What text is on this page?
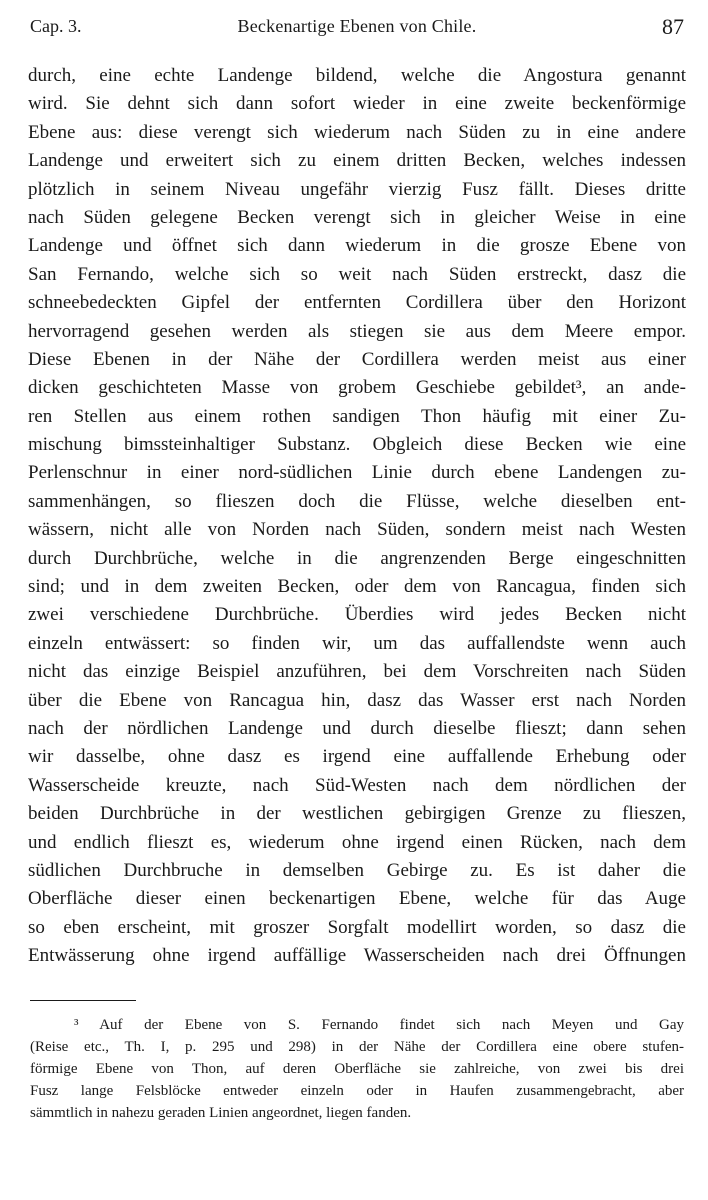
Cap. 3.	Beckenartige Ebenen von Chile.	87
durch, eine echte Landenge bildend, welche die Angostura genannt
wird. Sie dehnt sich dann sofort wieder in eine zweite beckenförmige
Ebene aus: diese verengt sich wiederum nach Süden zu in eine andere
Landenge und erweitert sich zu einem dritten Becken, welches indessen
plötzlich in seinem Niveau ungefähr vierzig Fusz fällt. Dieses dritte
nach Süden gelegene Becken verengt sich in gleicher Weise in eine
Landenge und öffnet sich dann wiederum in die grosze Ebene von
San Fernando, welche sich so weit nach Süden erstreckt, dasz die
schneebedeckten Gipfel der entfernten Cordillera über den Horizont
hervorragend gesehen werden als stiegen sie aus dem Meere empor.
Diese Ebenen in der Nähe der Cordillera werden meist aus einer
dicken geschichteten Masse von grobem Geschiebe gebildet³, an ande-
ren Stellen aus einem rothen sandigen Thon häufig mit einer Zu-
mischung bimssteinhaltiger Substanz. Obgleich diese Becken wie eine
Perlenschnur in einer nord-südlichen Linie durch ebene Landengen zu-
sammenhängen, so flieszen doch die Flüsse, welche dieselben ent-
wässern, nicht alle von Norden nach Süden, sondern meist nach Westen
durch Durchbrüche, welche in die angrenzenden Berge eingeschnitten
sind; und in dem zweiten Becken, oder dem von Rancagua, finden sich
zwei verschiedene Durchbrüche. Überdies wird jedes Becken nicht
einzeln entwässert: so finden wir, um das auffallendste wenn auch
nicht das einzige Beispiel anzuführen, bei dem Vorschreiten nach Süden
über die Ebene von Rancagua hin, dasz das Wasser erst nach Norden
nach der nördlichen Landenge und durch dieselbe flieszt; dann sehen
wir dasselbe, ohne dasz es irgend eine auffallende Erhebung oder
Wasserscheide kreuzte, nach Süd-Westen nach dem nördlichen der
beiden Durchbrüche in der westlichen gebirgigen Grenze zu flieszen,
und endlich flieszt es, wiederum ohne irgend einen Rücken, nach dem
südlichen Durchbruche in demselben Gebirge zu. Es ist daher die
Oberfläche dieser einen beckenartigen Ebene, welche für das Auge
so eben erscheint, mit groszer Sorgfalt modellirt worden, so dasz die
Entwässerung ohne irgend auffällige Wasserscheiden nach drei Öffnungen
³ Auf der Ebene von S. Fernando findet sich nach Meyen und Gay
(Reise etc., Th. I, p. 295 und 298) in der Nähe der Cordillera eine obere stufen-
förmige Ebene von Thon, auf deren Oberfläche sie zahlreiche, von zwei bis drei
Fusz lange Felsblöcke entweder einzeln oder in Haufen zusammengebracht, aber
sämmtlich in nahezu geraden Linien angeordnet, liegen fanden.
